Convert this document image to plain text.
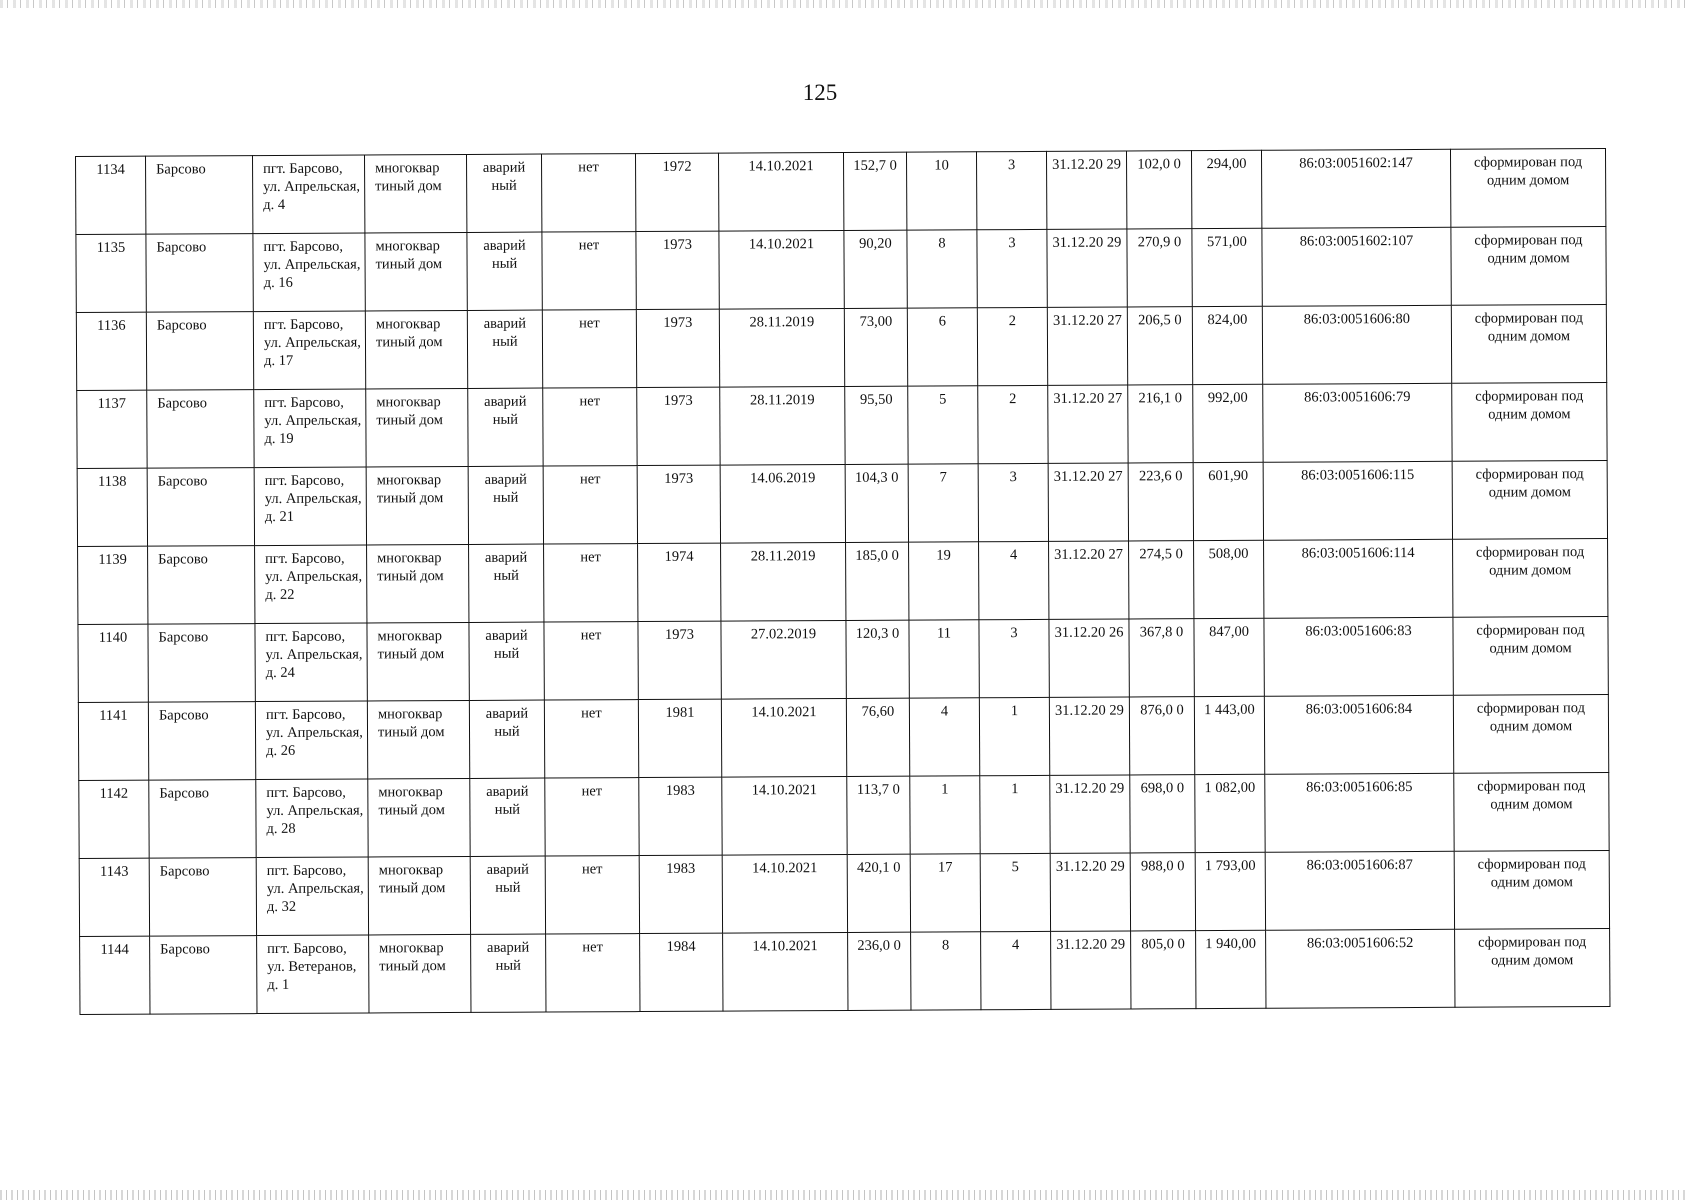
125
1134	Барсово	пгт. Барсово, ул. Апрельская, д. 4	многоквар тиный дом	аварий ный	нет	1972	14.10.2021	152,7 0	10	3	31.12.20 29	102,0 0	294,00	86:03:0051602:147	сформирован под одним домом
1135	Барсово	пгт. Барсово, ул. Апрельская, д. 16	многоквар тиный дом	аварий ный	нет	1973	14.10.2021	90,20	8	3	31.12.20 29	270,9 0	571,00	86:03:0051602:107	сформирован под одним домом
1136	Барсово	пгт. Барсово, ул. Апрельская, д. 17	многоквар тиный дом	аварий ный	нет	1973	28.11.2019	73,00	6	2	31.12.20 27	206,5 0	824,00	86:03:0051606:80	сформирован под одним домом
1137	Барсово	пгт. Барсово, ул. Апрельская, д. 19	многоквар тиный дом	аварий ный	нет	1973	28.11.2019	95,50	5	2	31.12.20 27	216,1 0	992,00	86:03:0051606:79	сформирован под одним домом
1138	Барсово	пгт. Барсово, ул. Апрельская, д. 21	многоквар тиный дом	аварий ный	нет	1973	14.06.2019	104,3 0	7	3	31.12.20 27	223,6 0	601,90	86:03:0051606:115	сформирован под одним домом
1139	Барсово	пгт. Барсово, ул. Апрельская, д. 22	многоквар тиный дом	аварий ный	нет	1974	28.11.2019	185,0 0	19	4	31.12.20 27	274,5 0	508,00	86:03:0051606:114	сформирован под одним домом
1140	Барсово	пгт. Барсово, ул. Апрельская, д. 24	многоквар тиный дом	аварий ный	нет	1973	27.02.2019	120,3 0	11	3	31.12.20 26	367,8 0	847,00	86:03:0051606:83	сформирован под одним домом
1141	Барсово	пгт. Барсово, ул. Апрельская, д. 26	многоквар тиный дом	аварий ный	нет	1981	14.10.2021	76,60	4	1	31.12.20 29	876,0 0	1 443,00	86:03:0051606:84	сформирован под одним домом
1142	Барсово	пгт. Барсово, ул. Апрельская, д. 28	многоквар тиный дом	аварий ный	нет	1983	14.10.2021	113,7 0	1	1	31.12.20 29	698,0 0	1 082,00	86:03:0051606:85	сформирован под одним домом
1143	Барсово	пгт. Барсово, ул. Апрельская, д. 32	многоквар тиный дом	аварий ный	нет	1983	14.10.2021	420,1 0	17	5	31.12.20 29	988,0 0	1 793,00	86:03:0051606:87	сформирован под одним домом
1144	Барсово	пгт. Барсово, ул. Ветеранов, д. 1	многоквар тиный дом	аварий ный	нет	1984	14.10.2021	236,0 0	8	4	31.12.20 29	805,0 0	1 940,00	86:03:0051606:52	сформирован под одним домом
